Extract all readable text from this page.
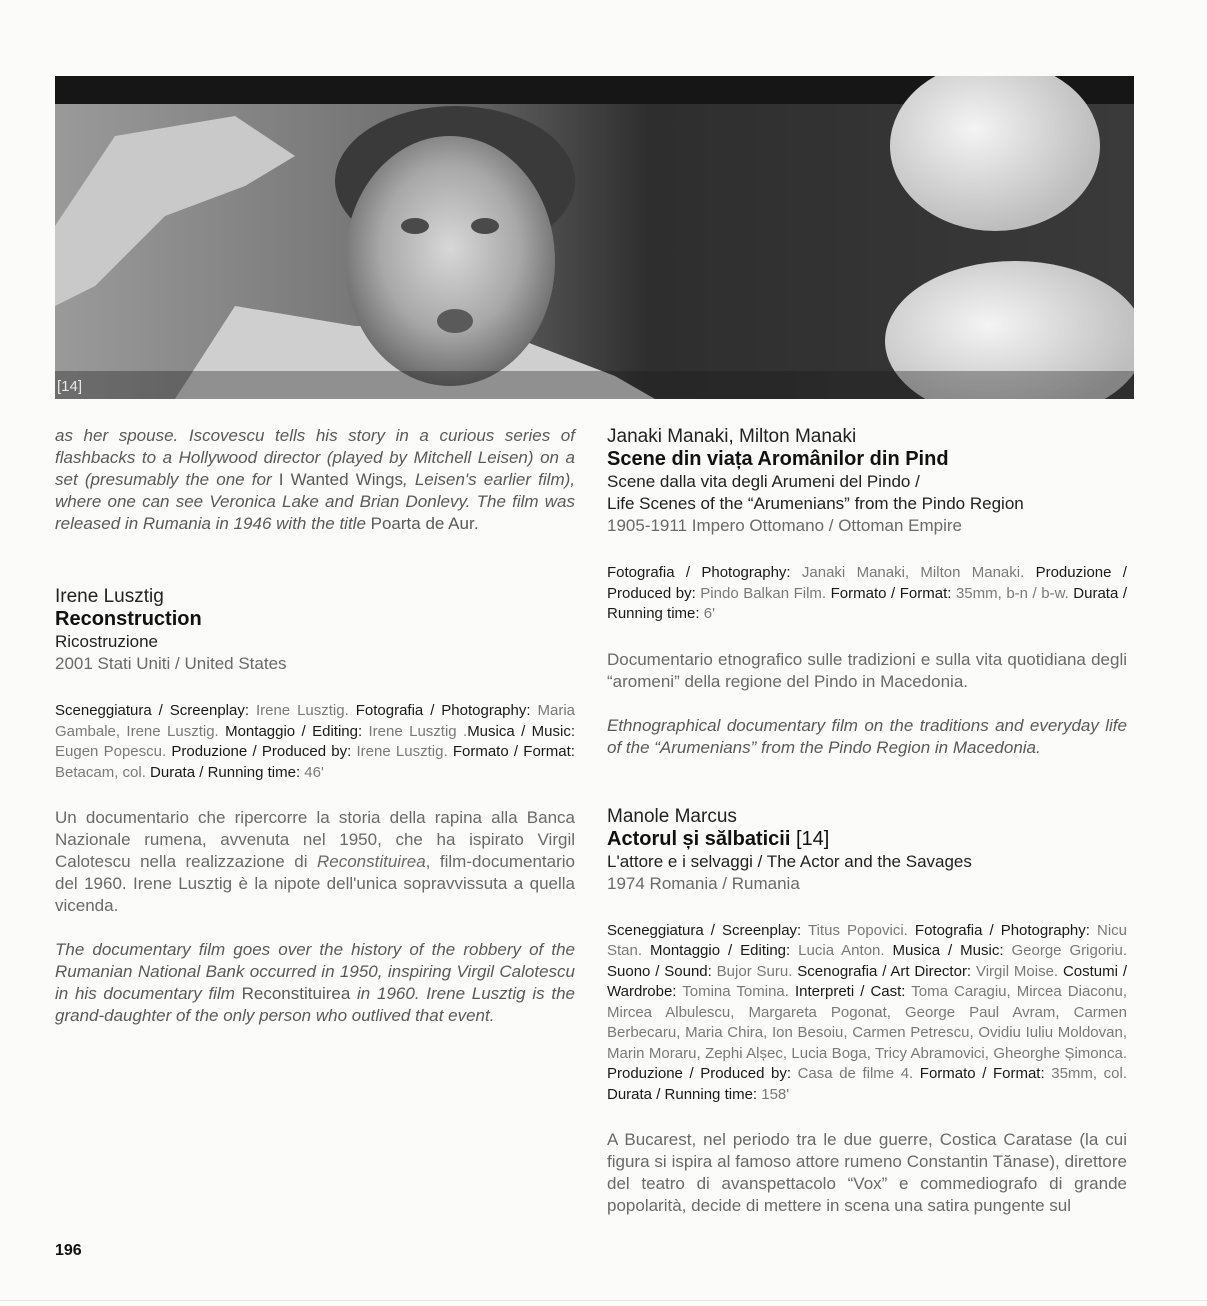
[14]

as her spouse. Iscovescu tells his story in a curious series of flashbacks to a Hollywood director (played by Mitchell Leisen) on a set (presumably the one for I Wanted Wings, Leisen's earlier film), where one can see Veronica Lake and Brian Donlevy. The film was released in Rumania in 1946 with the title Poarta de Aur.

Irene Lusztig
Reconstruction
Ricostruzione
2001 Stati Uniti / United States

Sceneggiatura / Screenplay: Irene Lusztig. Fotografia / Photography: Maria Gambale, Irene Lusztig. Montaggio / Editing: Irene Lusztig .Musica / Music: Eugen Popescu. Produzione / Produced by: Irene Lusztig. Formato / Format: Betacam, col. Durata / Running time: 46'

Un documentario che ripercorre la storia della rapina alla Banca Nazionale rumena, avvenuta nel 1950, che ha ispirato Virgil Calotescu nella realizzazione di Reconstituirea, film-documentario del 1960. Irene Lusztig è la nipote dell'unica sopravvissuta a quella vicenda.

The documentary film goes over the history of the robbery of the Rumanian National Bank occurred in 1950, inspiring Virgil Calotescu in his documentary film Reconstituirea in 1960. Irene Lusztig is the grand-daughter of the only person who outlived that event.

Janaki Manaki, Milton Manaki
Scene din viața Aromânilor din Pind
Scene dalla vita degli Arumeni del Pindo /
Life Scenes of the “Arumenians” from the Pindo Region
1905-1911 Impero Ottomano / Ottoman Empire

Fotografia / Photography: Janaki Manaki, Milton Manaki. Produzione / Produced by: Pindo Balkan Film. Formato / Format: 35mm, b-n / b-w. Durata / Running time: 6'

Documentario etnografico sulle tradizioni e sulla vita quotidiana degli “aromeni” della regione del Pindo in Macedonia.

Ethnographical documentary film on the traditions and everyday life of the “Arumenians” from the Pindo Region in Macedonia.

Manole Marcus
Actorul și sălbaticii [14]
L'attore e i selvaggi / The Actor and the Savages
1974 Romania / Rumania

Sceneggiatura / Screenplay: Titus Popovici. Fotografia / Photography: Nicu Stan. Montaggio / Editing: Lucia Anton. Musica / Music: George Grigoriu. Suono / Sound: Bujor Suru. Scenografia / Art Director: Virgil Moise. Costumi / Wardrobe: Tomina Tomina. Interpreti / Cast: Toma Caragiu, Mircea Diaconu, Mircea Albulescu, Margareta Pogonat, George Paul Avram, Carmen Berbecaru, Maria Chira, Ion Besoiu, Carmen Petrescu, Ovidiu Iuliu Moldovan, Marin Moraru, Zephi Alșec, Lucia Boga, Tricy Abramovici, Gheorghe Șimonca. Produzione / Produced by: Casa de filme 4. Formato / Format: 35mm, col. Durata / Running time: 158'

A Bucarest, nel periodo tra le due guerre, Costica Caratase (la cui figura si ispira al famoso attore rumeno Constantin Tănase), direttore del teatro di avanspettacolo “Vox” e commediografo di grande popolarità, decide di mettere in scena una satira pungente sul

196
